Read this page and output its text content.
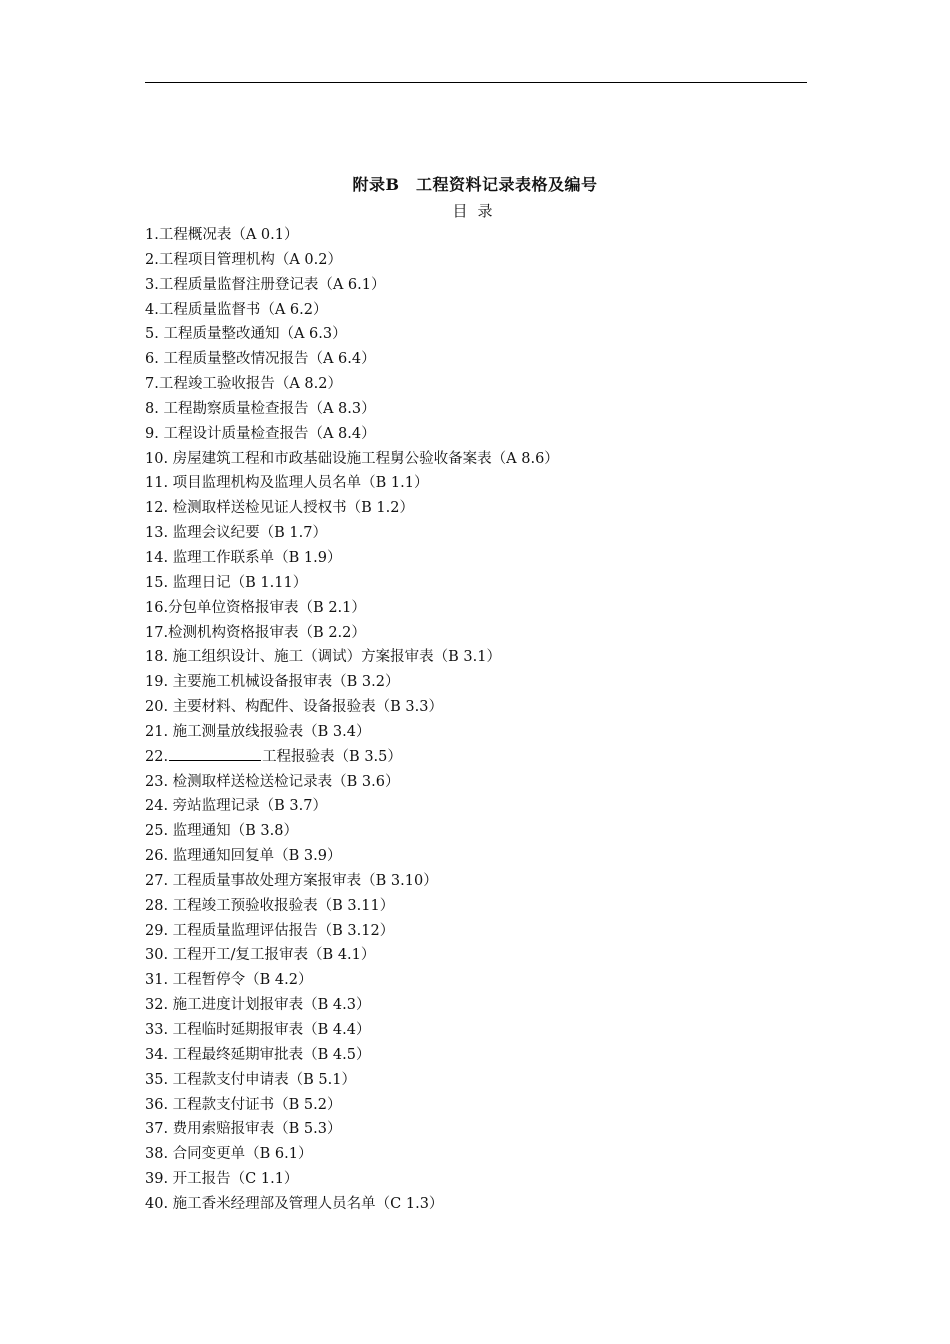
附录B　工程资料记录表格及编号
目录
1.工程概况表（A 0.1）
2.工程项目管理机构（A 0.2）
3.工程质量监督注册登记表（A 6.1）
4.工程质量监督书（A 6.2）
5. 工程质量整改通知（A 6.3）
6. 工程质量整改情况报告（A 6.4）
7.工程竣工验收报告（A 8.2）
8. 工程勘察质量检查报告（A 8.3）
9. 工程设计质量检查报告（A 8.4）
10. 房屋建筑工程和市政基础设施工程舅公验收备案表（A 8.6）
11. 项目监理机构及监理人员名单（B 1.1）
12. 检测取样送检见证人授权书（B 1.2）
13. 监理会议纪要（B 1.7）
14. 监理工作联系单（B 1.9）
15. 监理日记（B 1.11）
16.分包单位资格报审表（B 2.1）
17.检测机构资格报审表（B 2.2）
18. 施工组织设计、施工（调试）方案报审表（B 3.1）
19. 主要施工机械设备报审表（B 3.2）
20. 主要材料、构配件、设备报验表（B 3.3）
21. 施工测量放线报验表（B 3.4）
22.	工程报验表（B 3.5）
23. 检测取样送检送检记录表（B 3.6）
24. 旁站监理记录（B 3.7）
25. 监理通知（B 3.8）
26. 监理通知回复单（B 3.9）
27. 工程质量事故处理方案报审表（B 3.10）
28. 工程竣工预验收报验表（B 3.11）
29. 工程质量监理评估报告（B 3.12）
30. 工程开工/复工报审表（B 4.1）
31. 工程暂停令（B 4.2）
32. 施工进度计划报审表（B 4.3）
33. 工程临时延期报审表（B 4.4）
34. 工程最终延期审批表（B 4.5）
35. 工程款支付申请表（B 5.1）
36. 工程款支付证书（B 5.2）
37. 费用索赔报审表（B 5.3）
38. 合同变更单（B 6.1）
39. 开工报告（C 1.1）
40. 施工香米经理部及管理人员名单（C 1.3）
